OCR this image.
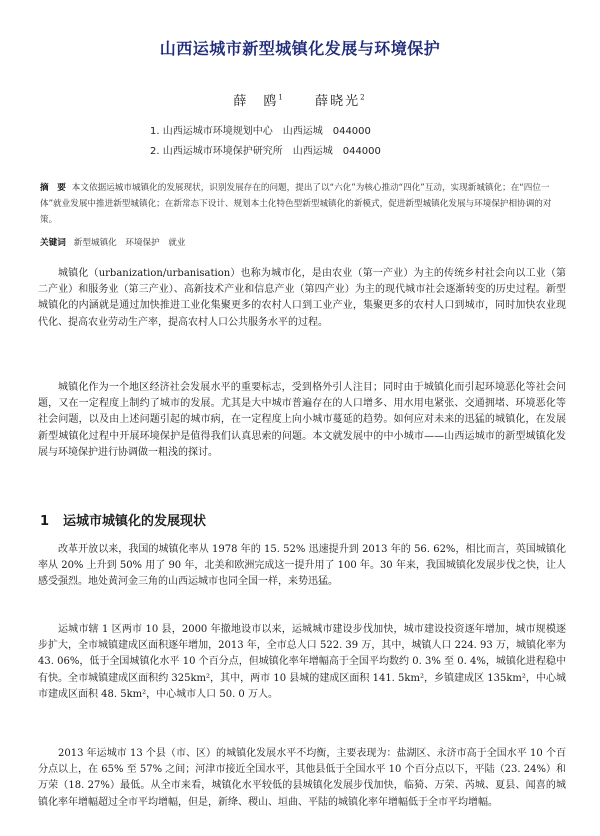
山西运城市新型城镇化发展与环境保护
薛　鸥$^1$ 薛晓光$^2$
1. 山西运城市环境规划中心　山西运城　044000
2. 山西运城市环境保护研究所　山西运城　044000
摘　要 本文依据运城市城镇化的发展现状，识别发展存在的问题，提出了以“六化”为核心推动“四化”互动，实现新城镇化；在“四位一体”就业发展中推进新型城镇化；在新常态下设计、规划本土化特色型新型城镇化的新模式，促进新型城镇化发展与环境保护相协调的对策。
关键词 新型城镇化　环境保护　就业
城镇化（urbanization/urbanisation）也称为城市化，是由农业（第一产业）为主的传统乡村社会向以工业（第二产业）和服务业（第三产业）、高新技术产业和信息产业（第四产业）为主的现代城市社会逐渐转变的历史过程。新型城镇化的内涵就是通过加快推进工业化集聚更多的农村人口到工业产业，集聚更多的农村人口到城市，同时加快农业现代化、提高农业劳动生产率，提高农村人口公共服务水平的过程。
城镇化作为一个地区经济社会发展水平的重要标志，受到格外引人注目；同时由于城镇化而引起环境恶化等社会问题，又在一定程度上制约了城市的发展。尤其是大中城市普遍存在的人口增多、用水用电紧张、交通拥堵、环境恶化等社会问题，以及由上述问题引起的城市病，在一定程度上向小城市蔓延的趋势。如何应对未来的迅猛的城镇化，在发展新型城镇化过程中开展环境保护是值得我们认真思索的问题。本文就发展中的中小城市——山西运城市的新型城镇化发展与环境保护进行协调做一粗浅的探讨。
1 运城市城镇化的发展现状
改革开放以来，我国的城镇化率从 1978 年的 15. 52% 迅速提升到 2013 年的 56. 62%，相比而言，英国城镇化率从 20% 上升到 50% 用了 90 年，北美和欧洲完成这一提升用了 100 年。30 年来，我国城镇化发展步伐之快，让人感受强烈。地处黄河金三角的山西运城市也同全国一样，来势迅猛。
运城市辖 1 区两市 10 县，2000 年撤地设市以来，运城城市建设步伐加快，城市建设投资逐年增加，城市规模逐步扩大，全市城镇建成区面积逐年增加，2013 年，全市总人口 522. 39 万，其中，城镇人口 224. 93 万，城镇化率为 43. 06%，低于全国城镇化水平 10 个百分点，但城镇化率年增幅高于全国平均数约 0. 3% 至 0. 4%，城镇化进程稳中有快。全市城镇建成区面积约 325km²，其中，两市 10 县城的建成区面积 141. 5km²，乡镇建成区 135km²，中心城市建成区面积 48. 5km²，中心城市人口 50. 0 万人。
2013 年运城市 13 个县（市、区）的城镇化发展水平不均衡，主要表现为：盐湖区、永济市高于全国水平 10 个百分点以上，在 65% 至 57% 之间；河津市接近全国水平，其他县低于全国水平 10 个百分点以下，平陆（23. 24%）和万荣（18. 27%）最低。从全市来看，城镇化水平较低的县城镇化发展步伐加快，临猗、万荣、芮城、夏县、闻喜的城镇化率年增幅超过全市平均增幅，但是，新绛、稷山、垣曲、平陆的城镇化率年增幅低于全市平均增幅。
